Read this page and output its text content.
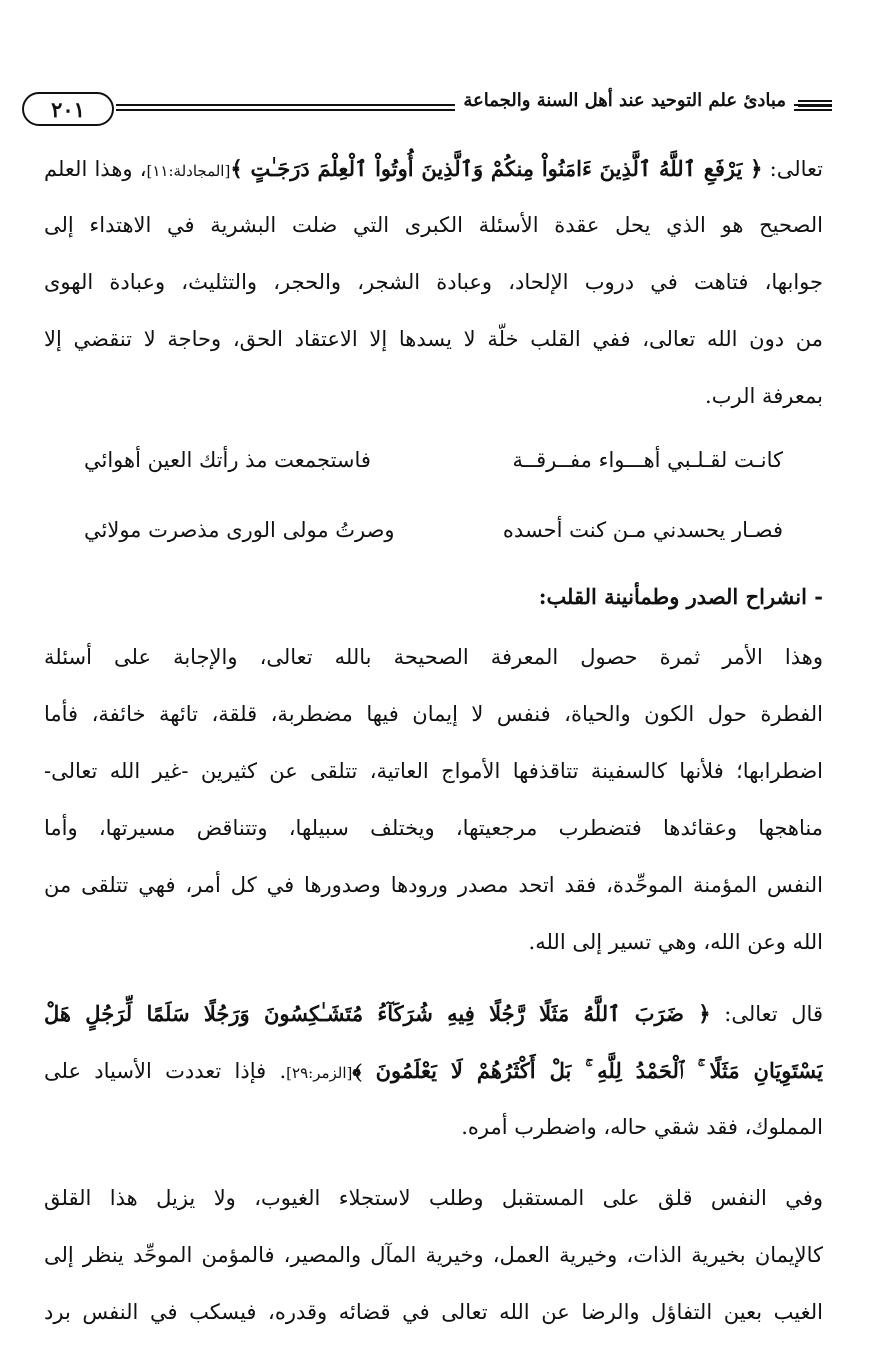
٢٠١	مبادئ علم التوحيد عند أهل السنة والجماعة
تعالى: ﴿ يَرْفَعِ ٱللَّهُ ٱلَّذِينَ ءَامَنُواْ مِنكُمْ وَٱلَّذِينَ أُوتُواْ ٱلْعِلْمَ دَرَجَـٰتٍ ﴾[المجادلة:١١]، وهذا العلم
الصحيح هو الذي يحل عقدة الأسئلة الكبرى التي ضلت البشرية في الاهتداء إلى
جوابها، فتاهت في دروب الإلحاد، وعبادة الشجر، والحجر، والتثليث، وعبادة الهوى
من دون الله تعالى، ففي القلب خلّة لا يسدها إلا الاعتقاد الحق، وحاجة لا تنقضي إلا
بمعرفة الرب.
كانـت لقـلـبي أهـــواء مفــرقــة
فاستجمعت مذ رأتك العين أهوائي
فصـار يحسدني مـن كنت أحسده
وصرتُ مولى الورى مذصرت مولائي
- انشراح الصدر وطمأنينة القلب:
وهذا الأمر ثمرة حصول المعرفة الصحيحة بالله تعالى، والإجابة على أسئلة
الفطرة حول الكون والحياة، فنفس لا إيمان فيها مضطربة، قلقة، تائهة خائفة، فأما
اضطرابها؛ فلأنها كالسفينة تتاقذفها الأمواج العاتية، تتلقى عن كثيرين -غير الله تعالى-
مناهجها وعقائدها فتضطرب مرجعيتها، ويختلف سبيلها، وتتناقض مسيرتها، وأما
النفس المؤمنة الموحِّدة، فقد اتحد مصدر ورودها وصدورها في كل أمر، فهي تتلقى من
الله وعن الله، وهي تسير إلى الله.
قال تعالى: ﴿ ضَرَبَ ٱللَّهُ مَثَلًا رَّجُلًا فِيهِ شُرَكَآءُ مُتَشَـٰكِسُونَ وَرَجُلًا سَلَمًا لِّرَجُلٍ هَلْ
يَسْتَوِيَانِ مَثَلًا ۚ ٱلْحَمْدُ لِلَّهِ ۚ بَلْ أَكْثَرُهُمْ لَا يَعْلَمُونَ ﴾[الزمر:٢٩]. فإذا تعددت الأسياد على
المملوك، فقد شقي حاله، واضطرب أمره.
وفي النفس قلق على المستقبل وطلب لاستجلاء الغيوب، ولا يزيل هذا القلق
كالإيمان بخيرية الذات، وخيرية العمل، وخيرية المآل والمصير، فالمؤمن الموحِّد ينظر إلى
الغيب بعين التفاؤل والرضا عن الله تعالى في قضائه وقدره، فيسكب في النفس برد
